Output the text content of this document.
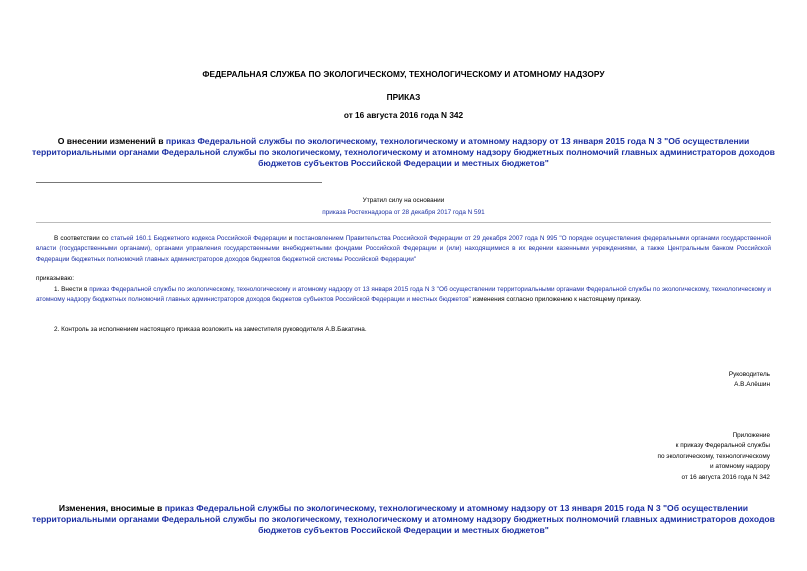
ФЕДЕРАЛЬНАЯ СЛУЖБА ПО ЭКОЛОГИЧЕСКОМУ, ТЕХНОЛОГИЧЕСКОМУ И АТОМНОМУ НАДЗОРУ
ПРИКАЗ
от 16 августа 2016 года N 342
О внесении изменений в приказ Федеральной службы по экологическому, технологическому и атомному надзору от 13 января 2015 года N 3 "Об осуществлении территориальными органами Федеральной службы по экологическому, технологическому и атомному надзору бюджетных полномочий главных администраторов доходов бюджетов субъектов Российской Федерации и местных бюджетов"
Утратил силу на основании
приказа Ростехнадзора от 28 декабря 2017 года N 591
В соответствии со статьей 160.1 Бюджетного кодекса Российской Федерации и постановлением Правительства Российской Федерации от 29 декабря 2007 года N 995 "О порядке осуществления федеральными органами государственной власти (государственными органами), органами управления государственными внебюджетными фондами Российской Федерации и (или) находящимися в их ведении казенными учреждениями, а также Центральным банком Российской Федерации бюджетных полномочий главных администраторов доходов бюджетов бюджетной системы Российской Федерации"
приказываю:
1. Внести в приказ Федеральной службы по экологическому, технологическому и атомному надзору от 13 января 2015 года N 3 "Об осуществлении территориальными органами Федеральной службы по экологическому, технологическому и атомному надзору бюджетных полномочий главных администраторов доходов бюджетов субъектов Российской Федерации и местных бюджетов" изменения согласно приложению к настоящему приказу.
2. Контроль за исполнением настоящего приказа возложить на заместителя руководителя А.В.Бакатина.
Руководитель
А.В.Алёшин
Приложение
к приказу Федеральной службы
по экологическому, технологическому
и атомному надзору
от 16 августа 2016 года N 342
Изменения, вносимые в приказ Федеральной службы по экологическому, технологическому и атомному надзору от 13 января 2015 года N 3 "Об осуществлении территориальными органами Федеральной службы по экологическому, технологическому и атомному надзору бюджетных полномочий главных администраторов доходов бюджетов субъектов Российской Федерации и местных бюджетов"
